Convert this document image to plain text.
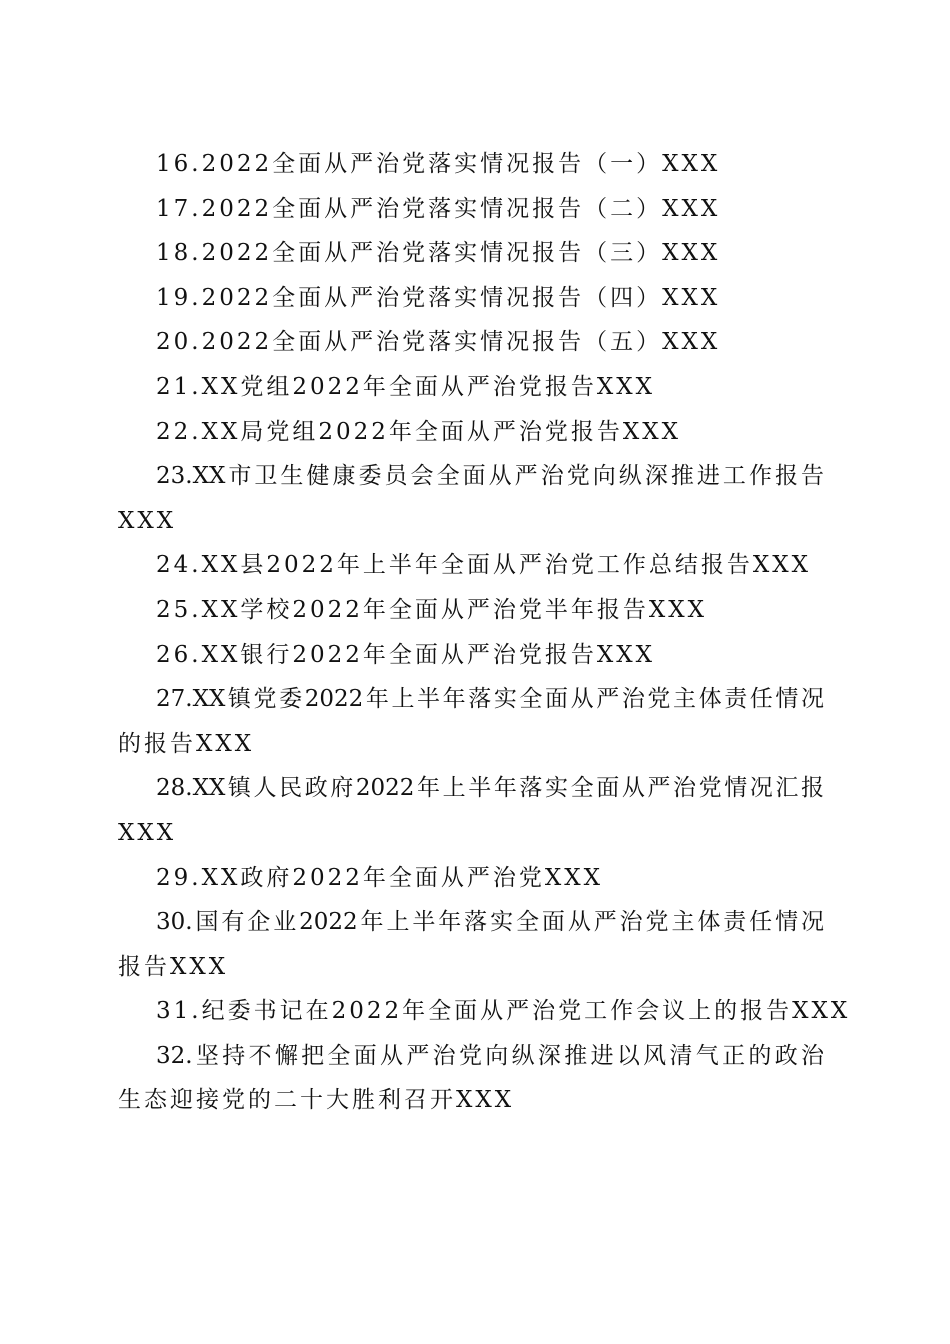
16.2022全面从严治党落实情况报告（一）XXX

17.2022全面从严治党落实情况报告（二）XXX

18.2022全面从严治党落实情况报告（三）XXX

19.2022全面从严治党落实情况报告（四）XXX

20.2022全面从严治党落实情况报告（五）XXX

21.XX党组2022年全面从严治党报告XXX

22.XX局党组2022年全面从严治党报告XXX

23.XX市卫生健康委员会全面从严治党向纵深推进工作报告

XXX

24.XX县2022年上半年全面从严治党工作总结报告XXX

25.XX学校2022年全面从严治党半年报告XXX

26.XX银行2022年全面从严治党报告XXX

27.XX镇党委2022年上半年落实全面从严治党主体责任情况

的报告XXX

28.XX镇人民政府2022年上半年落实全面从严治党情况汇报

XXX

29.XX政府2022年全面从严治党XXX

30.国有企业2022年上半年落实全面从严治党主体责任情况

报告XXX

31.纪委书记在2022年全面从严治党工作会议上的报告XXX

32.坚持不懈把全面从严治党向纵深推进以风清气正的政治

生态迎接党的二十大胜利召开XXX
